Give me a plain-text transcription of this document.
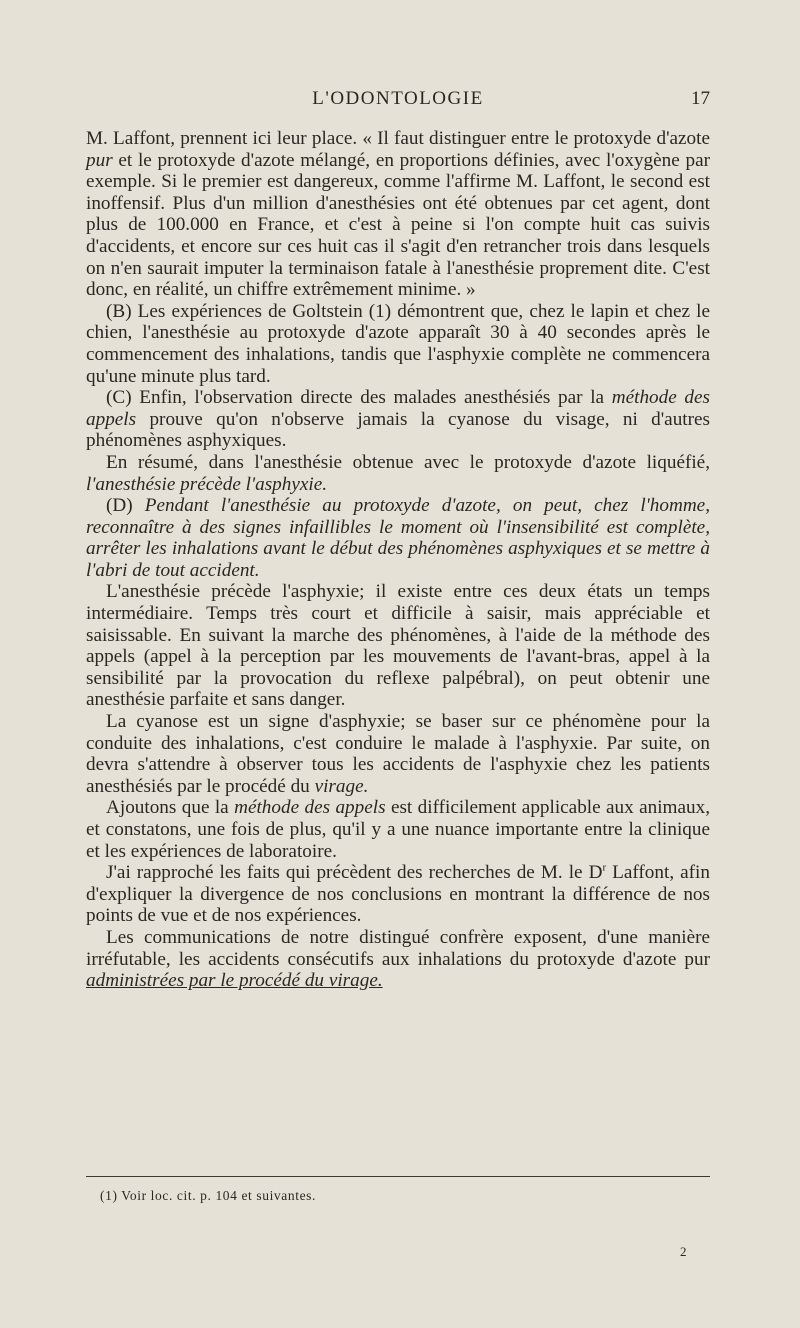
L'ODONTOLOGIE	17

M. Laffont, prennent ici leur place. « Il faut distinguer entre le protoxyde d'azote pur et le protoxyde d'azote mélangé, en proportions définies, avec l'oxygène par exemple. Si le premier est dangereux, comme l'affirme M. Laffont, le second est inoffensif. Plus d'un million d'anesthésies ont été obtenues par cet agent, dont plus de 100.000 en France, et c'est à peine si l'on compte huit cas suivis d'accidents, et encore sur ces huit cas il s'agit d'en retrancher trois dans lesquels on n'en saurait imputer la terminaison fatale à l'anesthésie proprement dite. C'est donc, en réalité, un chiffre extrêmement minime. »

(B) Les expériences de Goltstein (1) démontrent que, chez le lapin et chez le chien, l'anesthésie au protoxyde d'azote apparaît 30 à 40 secondes après le commencement des inhalations, tandis que l'asphyxie complète ne commencera qu'une minute plus tard.

(C) Enfin, l'observation directe des malades anesthésiés par la méthode des appels prouve qu'on n'observe jamais la cyanose du visage, ni d'autres phénomènes asphyxiques.

En résumé, dans l'anesthésie obtenue avec le protoxyde d'azote liquéfié, l'anesthésie précède l'asphyxie.

(D) Pendant l'anesthésie au protoxyde d'azote, on peut, chez l'homme, reconnaître à des signes infaillibles le moment où l'insensibilité est complète, arrêter les inhalations avant le début des phénomènes asphyxiques et se mettre à l'abri de tout accident.

L'anesthésie précède l'asphyxie; il existe entre ces deux états un temps intermédiaire. Temps très court et difficile à saisir, mais appréciable et saisissable. En suivant la marche des phénomènes, à l'aide de la méthode des appels (appel à la perception par les mouvements de l'avant-bras, appel à la sensibilité par la provocation du reflexe palpébral), on peut obtenir une anesthésie parfaite et sans danger.

La cyanose est un signe d'asphyxie; se baser sur ce phénomène pour la conduite des inhalations, c'est conduire le malade à l'asphyxie. Par suite, on devra s'attendre à observer tous les accidents de l'asphyxie chez les patients anesthésiés par le procédé du virage.

Ajoutons que la méthode des appels est difficilement applicable aux animaux, et constatons, une fois de plus, qu'il y a une nuance importante entre la clinique et les expériences de laboratoire.

J'ai rapproché les faits qui précèdent des recherches de M. le $D^r$ Laffont, afin d'expliquer la divergence de nos conclusions en montrant la différence de nos points de vue et de nos expériences.

Les communications de notre distingué confrère exposent, d'une manière irréfutable, les accidents consécutifs aux inhalations du protoxyde d'azote pur administrées par le procédé du virage.

(1) Voir loc. cit. p. 104 et suivantes.
2
